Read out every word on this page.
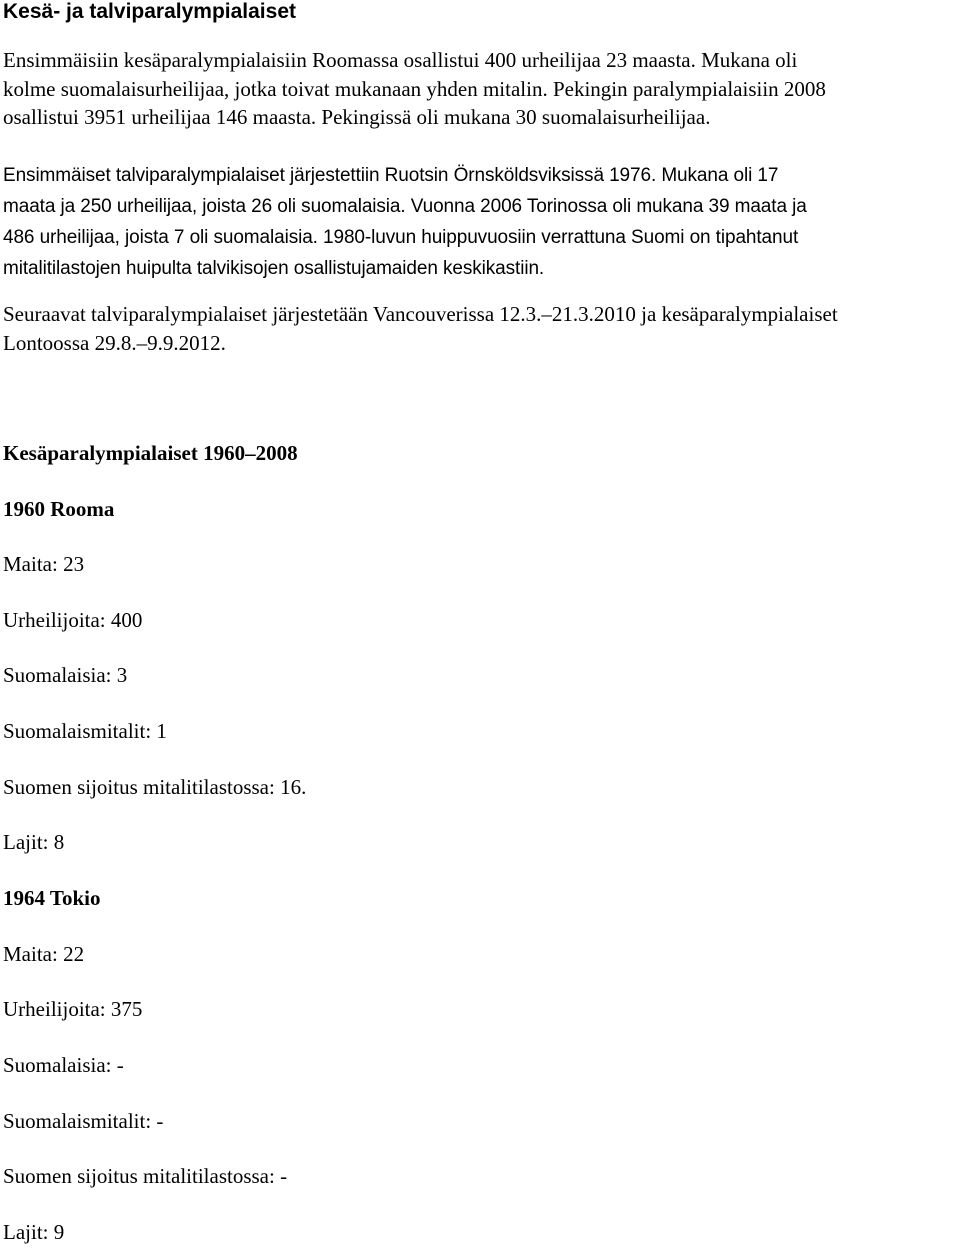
Kesä- ja talviparalympialaiset

Ensimmäisiin kesäparalympialaisiin Roomassa osallistui 400 urheilijaa 23 maasta. Mukana oli
kolme suomalaisurheilijaa, jotka toivat mukanaan yhden mitalin. Pekingin paralympialaisiin 2008
osallistui 3951 urheilijaa 146 maasta. Pekingissä oli mukana 30 suomalaisurheilijaa.

Ensimmäiset talviparalympialaiset järjestettiin Ruotsin Örnsköldsviksissä 1976. Mukana oli 17
maata ja 250 urheilijaa, joista 26 oli suomalaisia. Vuonna 2006 Torinossa oli mukana 39 maata ja
486 urheilijaa, joista 7 oli suomalaisia. 1980-luvun huippuvuosiin verrattuna Suomi on tipahtanut
mitalitilastojen huipulta talvikisojen osallistujamaiden keskikastiin.

Seuraavat talviparalympialaiset järjestetään Vancouverissa 12.3.–21.3.2010 ja kesäparalympialaiset
Lontoossa 29.8.–9.9.2012.

Kesäparalympialaiset 1960–2008
1960 Rooma

Maita: 23

Urheilijoita: 400

Suomalaisia: 3

Suomalaismitalit: 1

Suomen sijoitus mitalitilastossa: 16.

Lajit: 8

1964 Tokio

Maita: 22

Urheilijoita: 375

Suomalaisia: -

Suomalaismitalit: -

Suomen sijoitus mitalitilastossa: -

Lajit: 9
